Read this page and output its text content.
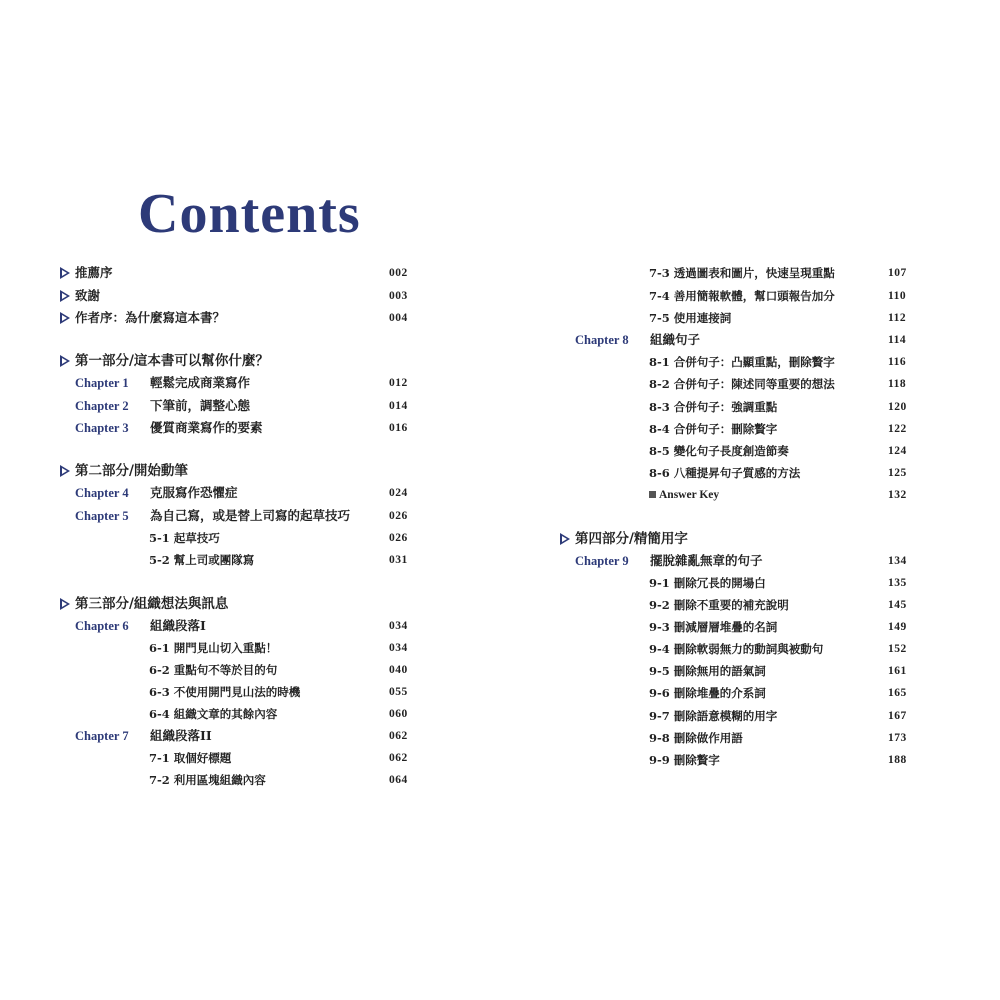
Contents
推薦序	002
致謝	003
作者序：為什麼寫這本書？	004
第一部分/這本書可以幫你什麼？
Chapter 1 輕鬆完成商業寫作	012
Chapter 2 下筆前，調整心態	014
Chapter 3 優質商業寫作的要素	016
第二部分/開始動筆
Chapter 4 克服寫作恐懼症	024
Chapter 5 為自己寫，或是替上司寫的起草技巧	026
5-1 起草技巧	026
5-2 幫上司或團隊寫	031
第三部分/組織想法與訊息
Chapter 6 組織段落I	034
6-1 開門見山切入重點！	034
6-2 重點句不等於目的句	040
6-3 不使用開門見山法的時機	055
6-4 組織文章的其餘內容	060
Chapter 7 組織段落II	062
7-1 取個好標題	062
7-2 利用區塊組織內容	064
7-3 透過圖表和圖片，快速呈現重點	107
7-4 善用簡報軟體，幫口頭報告加分	110
7-5 使用連接詞	112
Chapter 8 組織句子	114
8-1 合併句子：凸顯重點，刪除贅字	116
8-2 合併句子：陳述同等重要的想法	118
8-3 合併句子：強調重點	120
8-4 合併句子：刪除贅字	122
8-5 變化句子長度創造節奏	124
8-6 八種提昇句子質感的方法	125
Answer Key	132
第四部分/精簡用字
Chapter 9 擺脫雜亂無章的句子	134
9-1 刪除冗長的開場白	135
9-2 刪除不重要的補充說明	145
9-3 刪減層層堆疊的名詞	149
9-4 刪除軟弱無力的動詞與被動句	152
9-5 刪除無用的語氣詞	161
9-6 刪除堆疊的介系詞	165
9-7 刪除語意模糊的用字	167
9-8 刪除做作用語	173
9-9 刪除贅字	188
